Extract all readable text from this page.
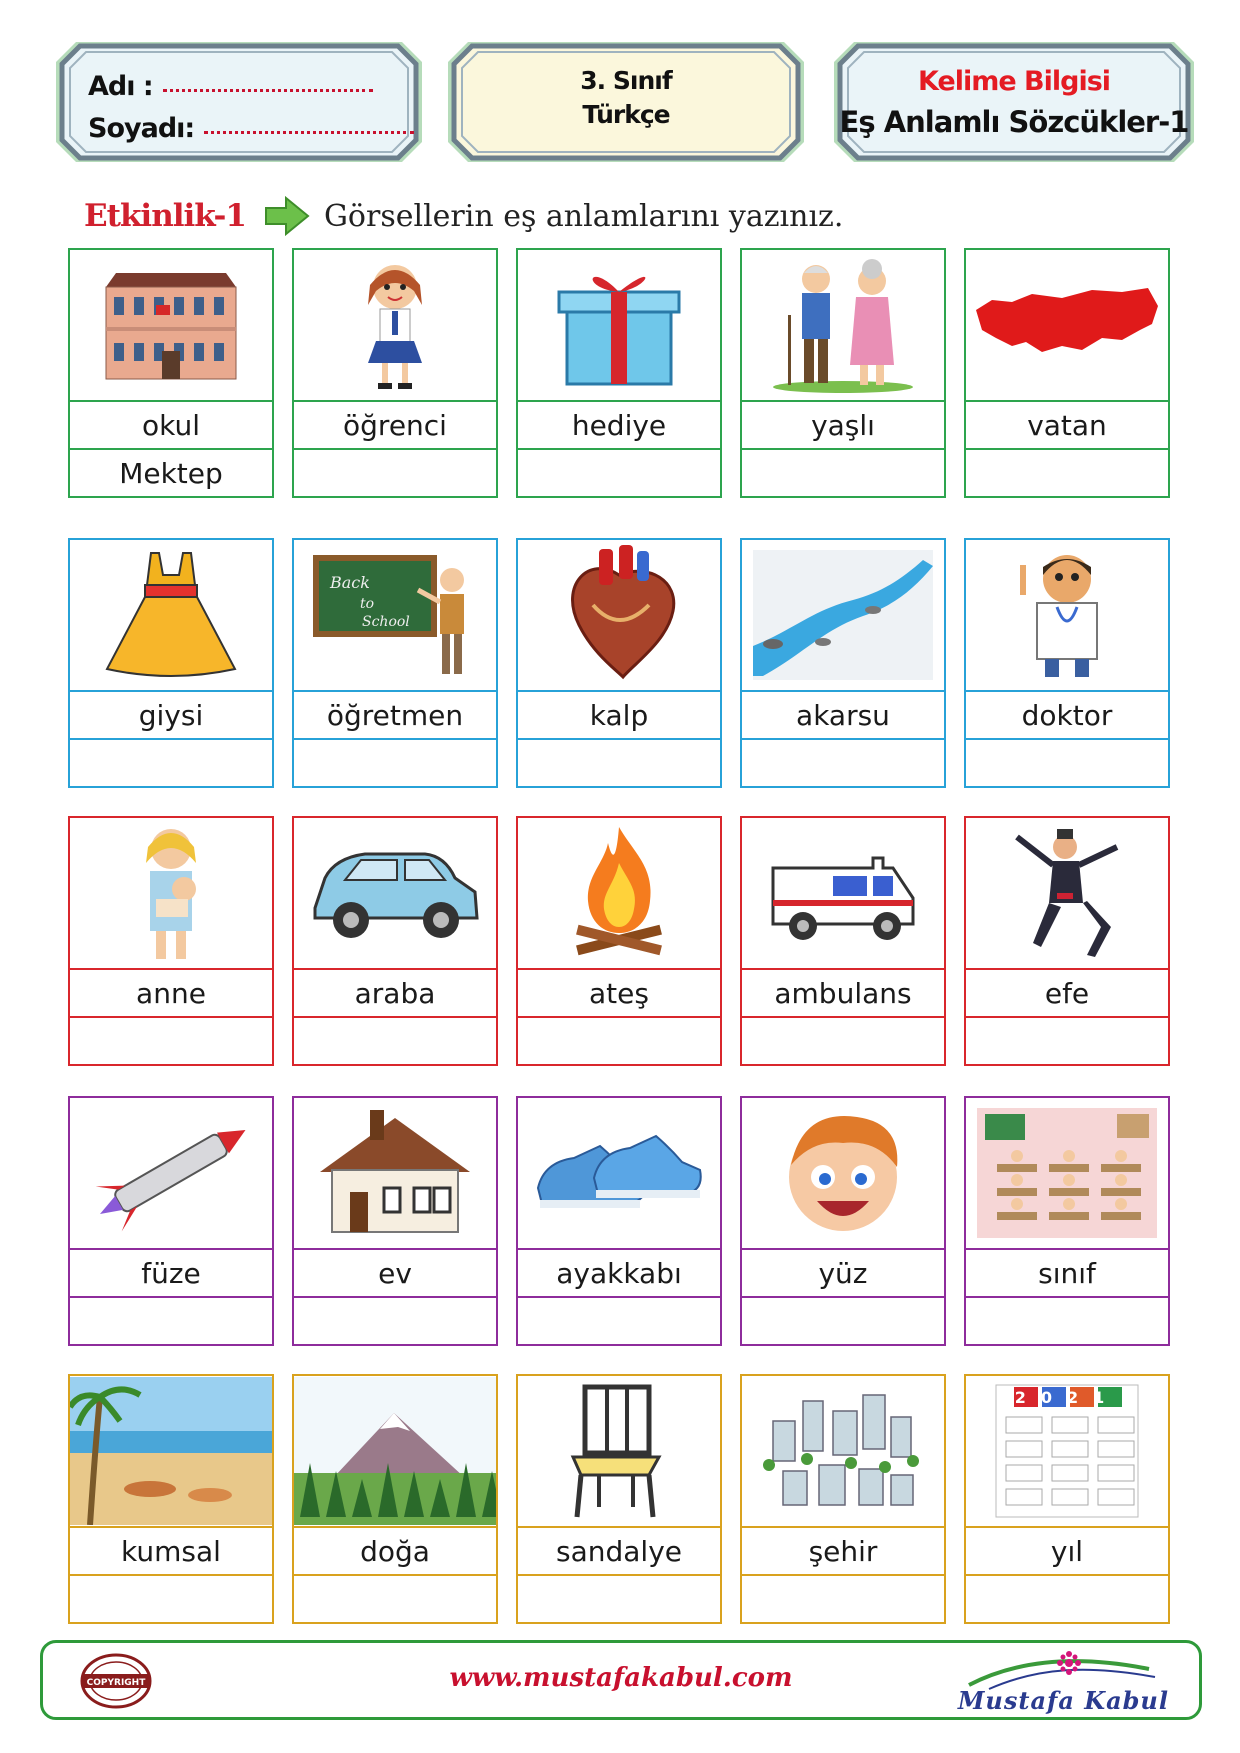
Adı :
Soyadı:
3. Sınıf
Türkçe
Kelime Bilgisi
Eş Anlamlı Sözcükler-1
Etkinlik-1	Görsellerin eş anlamlarını yazınız.
okul
Mektep
öğrenci	hediye	yaşlı	vatan
giysi
Back
to
School
öğretmen	kalp	akarsu	doktor
anne	araba	ateş	ambulans	efe
füze	ev	ayakkabı	yüz	sınıf
kumsal	doğa	sandalye	şehir
2021
yıl
COPYRIGHT	www.mustafakabul.com
Mustafa Kabul
